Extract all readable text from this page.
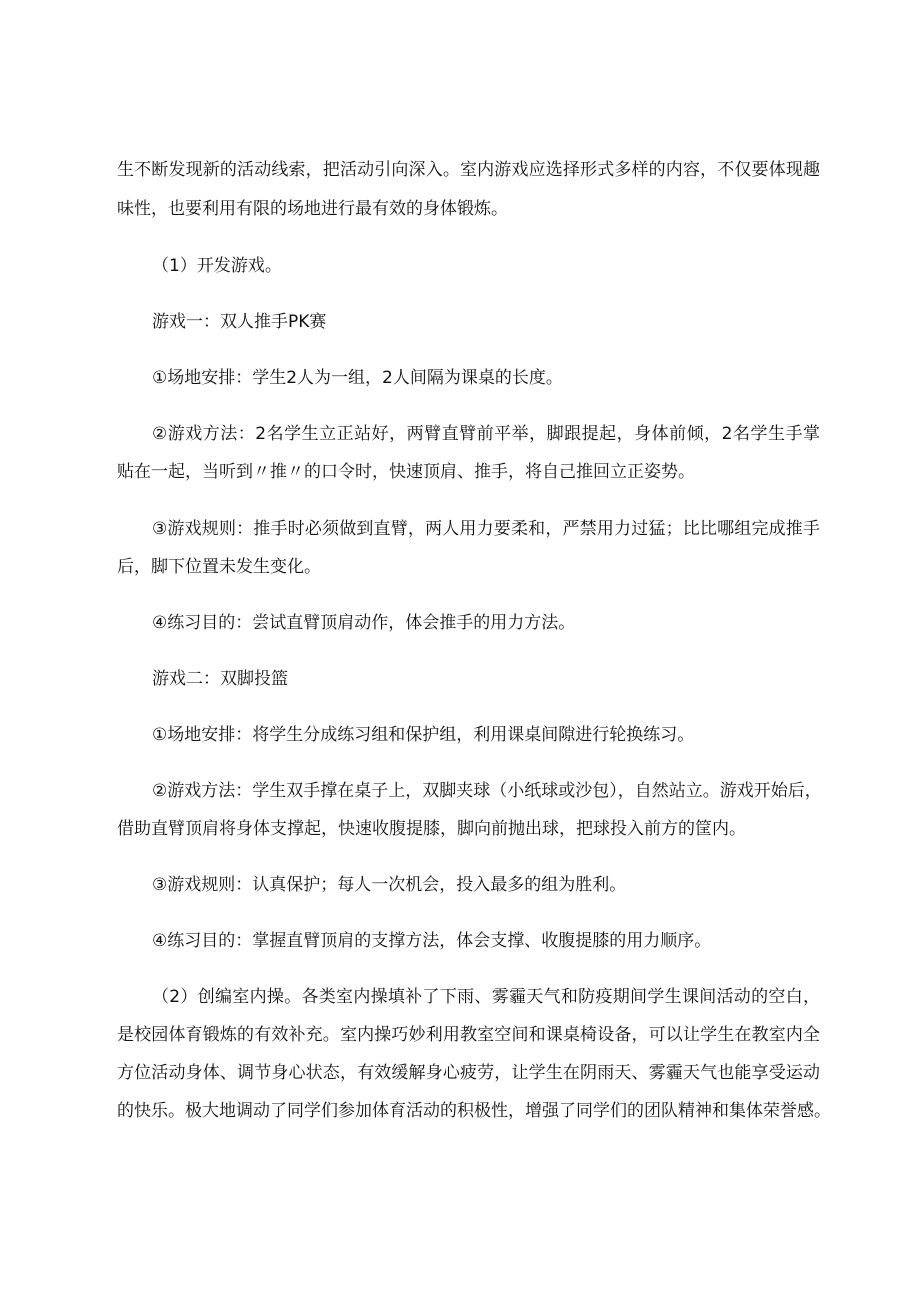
生不断发现新的活动线索，把活动引向深入。室内游戏应选择形式多样的内容，不仅要体现趣
味性，也要利用有限的场地进行最有效的身体锻炼。
（1）开发游戏。
游戏一：双人推手PK赛
①场地安排：学生2人为一组，2人间隔为课桌的长度。
②游戏方法：2名学生立正站好，两臂直臂前平举，脚跟提起，身体前倾，2名学生手掌
贴在一起，当听到〃推〃的口令时，快速顶肩、推手，将自己推回立正姿势。
③游戏规则：推手时必须做到直臂，两人用力要柔和，严禁用力过猛；比比哪组完成推手
后，脚下位置未发生变化。
④练习目的：尝试直臂顶肩动作，体会推手的用力方法。
游戏二：双脚投篮
①场地安排：将学生分成练习组和保护组，利用课桌间隙进行轮换练习。
②游戏方法：学生双手撑在桌子上，双脚夹球（小纸球或沙包），自然站立。游戏开始后，
借助直臂顶肩将身体支撑起，快速收腹提膝，脚向前抛出球，把球投入前方的筐内。
③游戏规则：认真保护；每人一次机会，投入最多的组为胜利。
④练习目的：掌握直臂顶肩的支撑方法，体会支撑、收腹提膝的用力顺序。
（2）创编室内操。各类室内操填补了下雨、雾霾天气和防疫期间学生课间活动的空白，
是校园体育锻炼的有效补充。室内操巧妙利用教室空间和课桌椅设备，可以让学生在教室内全
方位活动身体、调节身心状态，有效缓解身心疲劳，让学生在阴雨天、雾霾天气也能享受运动
的快乐。极大地调动了同学们参加体育活动的积极性，增强了同学们的团队精神和集体荣誉感。
